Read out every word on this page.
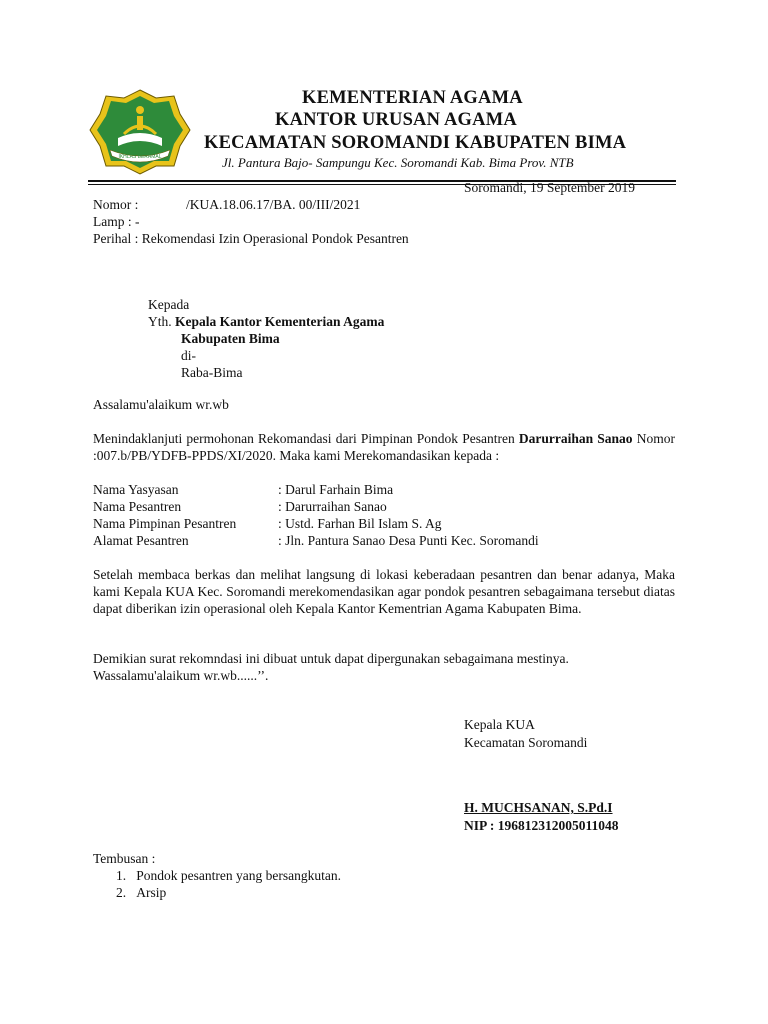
IKHLAS BERAMAL
KEMENTERIAN AGAMA
KANTOR URUSAN AGAMA
KECAMATAN SOROMANDI KABUPATEN BIMA
Jl. Pantura Bajo- Sampungu Kec. Soromandi Kab. Bima Prov. NTB
Soromandi, 19 September 2019
Nomor :	/KUA.18.06.17/BA. 00/III/2021
Lamp : -
Perihal : Rekomendasi Izin Operasional Pondok Pesantren
Kepada
Yth. Kepala Kantor Kementerian Agama
Kabupaten Bima
di-
Raba-Bima
Assalamu'alaikum wr.wb
Menindaklanjuti permohonan Rekomandasi dari Pimpinan Pondok Pesantren Darurraihan Sanao Nomor :007.b/PB/YDFB-PPDS/XI/2020. Maka kami Merekomandasikan kepada :
Nama Yasyasan	: Darul Farhain Bima
Nama Pesantren	: Darurraihan Sanao
Nama Pimpinan Pesantren	: Ustd. Farhan Bil Islam S. Ag
Alamat Pesantren	: Jln. Pantura Sanao Desa Punti Kec. Soromandi
Setelah membaca berkas dan melihat langsung di lokasi keberadaan pesantren dan benar adanya, Maka kami Kepala KUA Kec. Soromandi merekomendasikan agar pondok pesantren sebagaimana tersebut diatas dapat diberikan izin operasional oleh Kepala Kantor Kementrian Agama Kabupaten Bima.
Demikian surat rekomndasi ini dibuat untuk dapat dipergunakan sebagaimana mestinya.
Wassalamu'alaikum wr.wb......’’.
Kepala KUA
Kecamatan Soromandi
H. MUCHSANAN, S.Pd.I
NIP : 196812312005011048
Tembusan :
1.   Pondok pesantren yang bersangkutan.
2.   Arsip
